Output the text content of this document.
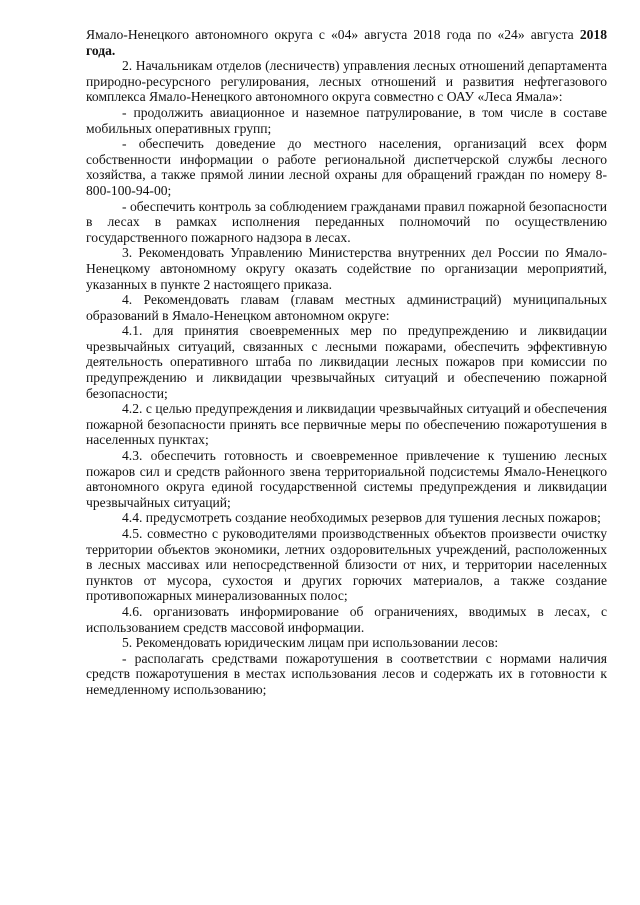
Ямало-Ненецкого автономного округа с «04» августа 2018 года по «24» августа 2018 года.

2. Начальникам отделов (лесничеств) управления лесных отношений департамента природно-ресурсного регулирования, лесных отношений и развития нефтегазового комплекса Ямало-Ненецкого автономного округа совместно с ОАУ «Леса Ямала»:

- продолжить авиационное и наземное патрулирование, в том числе в составе мобильных оперативных групп;

- обеспечить доведение до местного населения, организаций всех форм собственности информации о работе региональной диспетчерской службы лесного хозяйства, а также прямой линии лесной охраны для обращений граждан по номеру 8-800-100-94-00;

- обеспечить контроль за соблюдением гражданами правил пожарной безопасности в лесах в рамках исполнения переданных полномочий по осуществлению государственного пожарного надзора в лесах.

3. Рекомендовать Управлению Министерства внутренних дел России по Ямало-Ненецкому автономному округу оказать содействие по организации мероприятий, указанных в пункте 2 настоящего приказа.

4. Рекомендовать главам (главам местных администраций) муниципальных образований в Ямало-Ненецком автономном округе:

4.1. для принятия своевременных мер по предупреждению и ликвидации чрезвычайных ситуаций, связанных с лесными пожарами, обеспечить эффективную деятельность оперативного штаба по ликвидации лесных пожаров при комиссии по предупреждению и ликвидации чрезвычайных ситуаций и обеспечению пожарной безопасности;

4.2. с целью предупреждения и ликвидации чрезвычайных ситуаций и обеспечения пожарной безопасности принять все первичные меры по обеспечению пожаротушения в населенных пунктах;

4.3. обеспечить готовность и своевременное привлечение к тушению лесных пожаров сил и средств районного звена территориальной подсистемы Ямало-Ненецкого автономного округа единой государственной системы предупреждения и ликвидации чрезвычайных ситуаций;

4.4. предусмотреть создание необходимых резервов для тушения лесных пожаров;

4.5. совместно с руководителями производственных объектов произвести очистку территории объектов экономики, летних оздоровительных учреждений, расположенных в лесных массивах или непосредственной близости от них, и территории населенных пунктов от мусора, сухостоя и других горючих материалов, а также создание противопожарных минерализованных полос;

4.6. организовать информирование об ограничениях, вводимых в лесах, с использованием средств массовой информации.

5. Рекомендовать юридическим лицам при использовании лесов:

- располагать средствами пожаротушения в соответствии с нормами наличия средств пожаротушения в местах использования лесов и содержать их в готовности к немедленному использованию;
